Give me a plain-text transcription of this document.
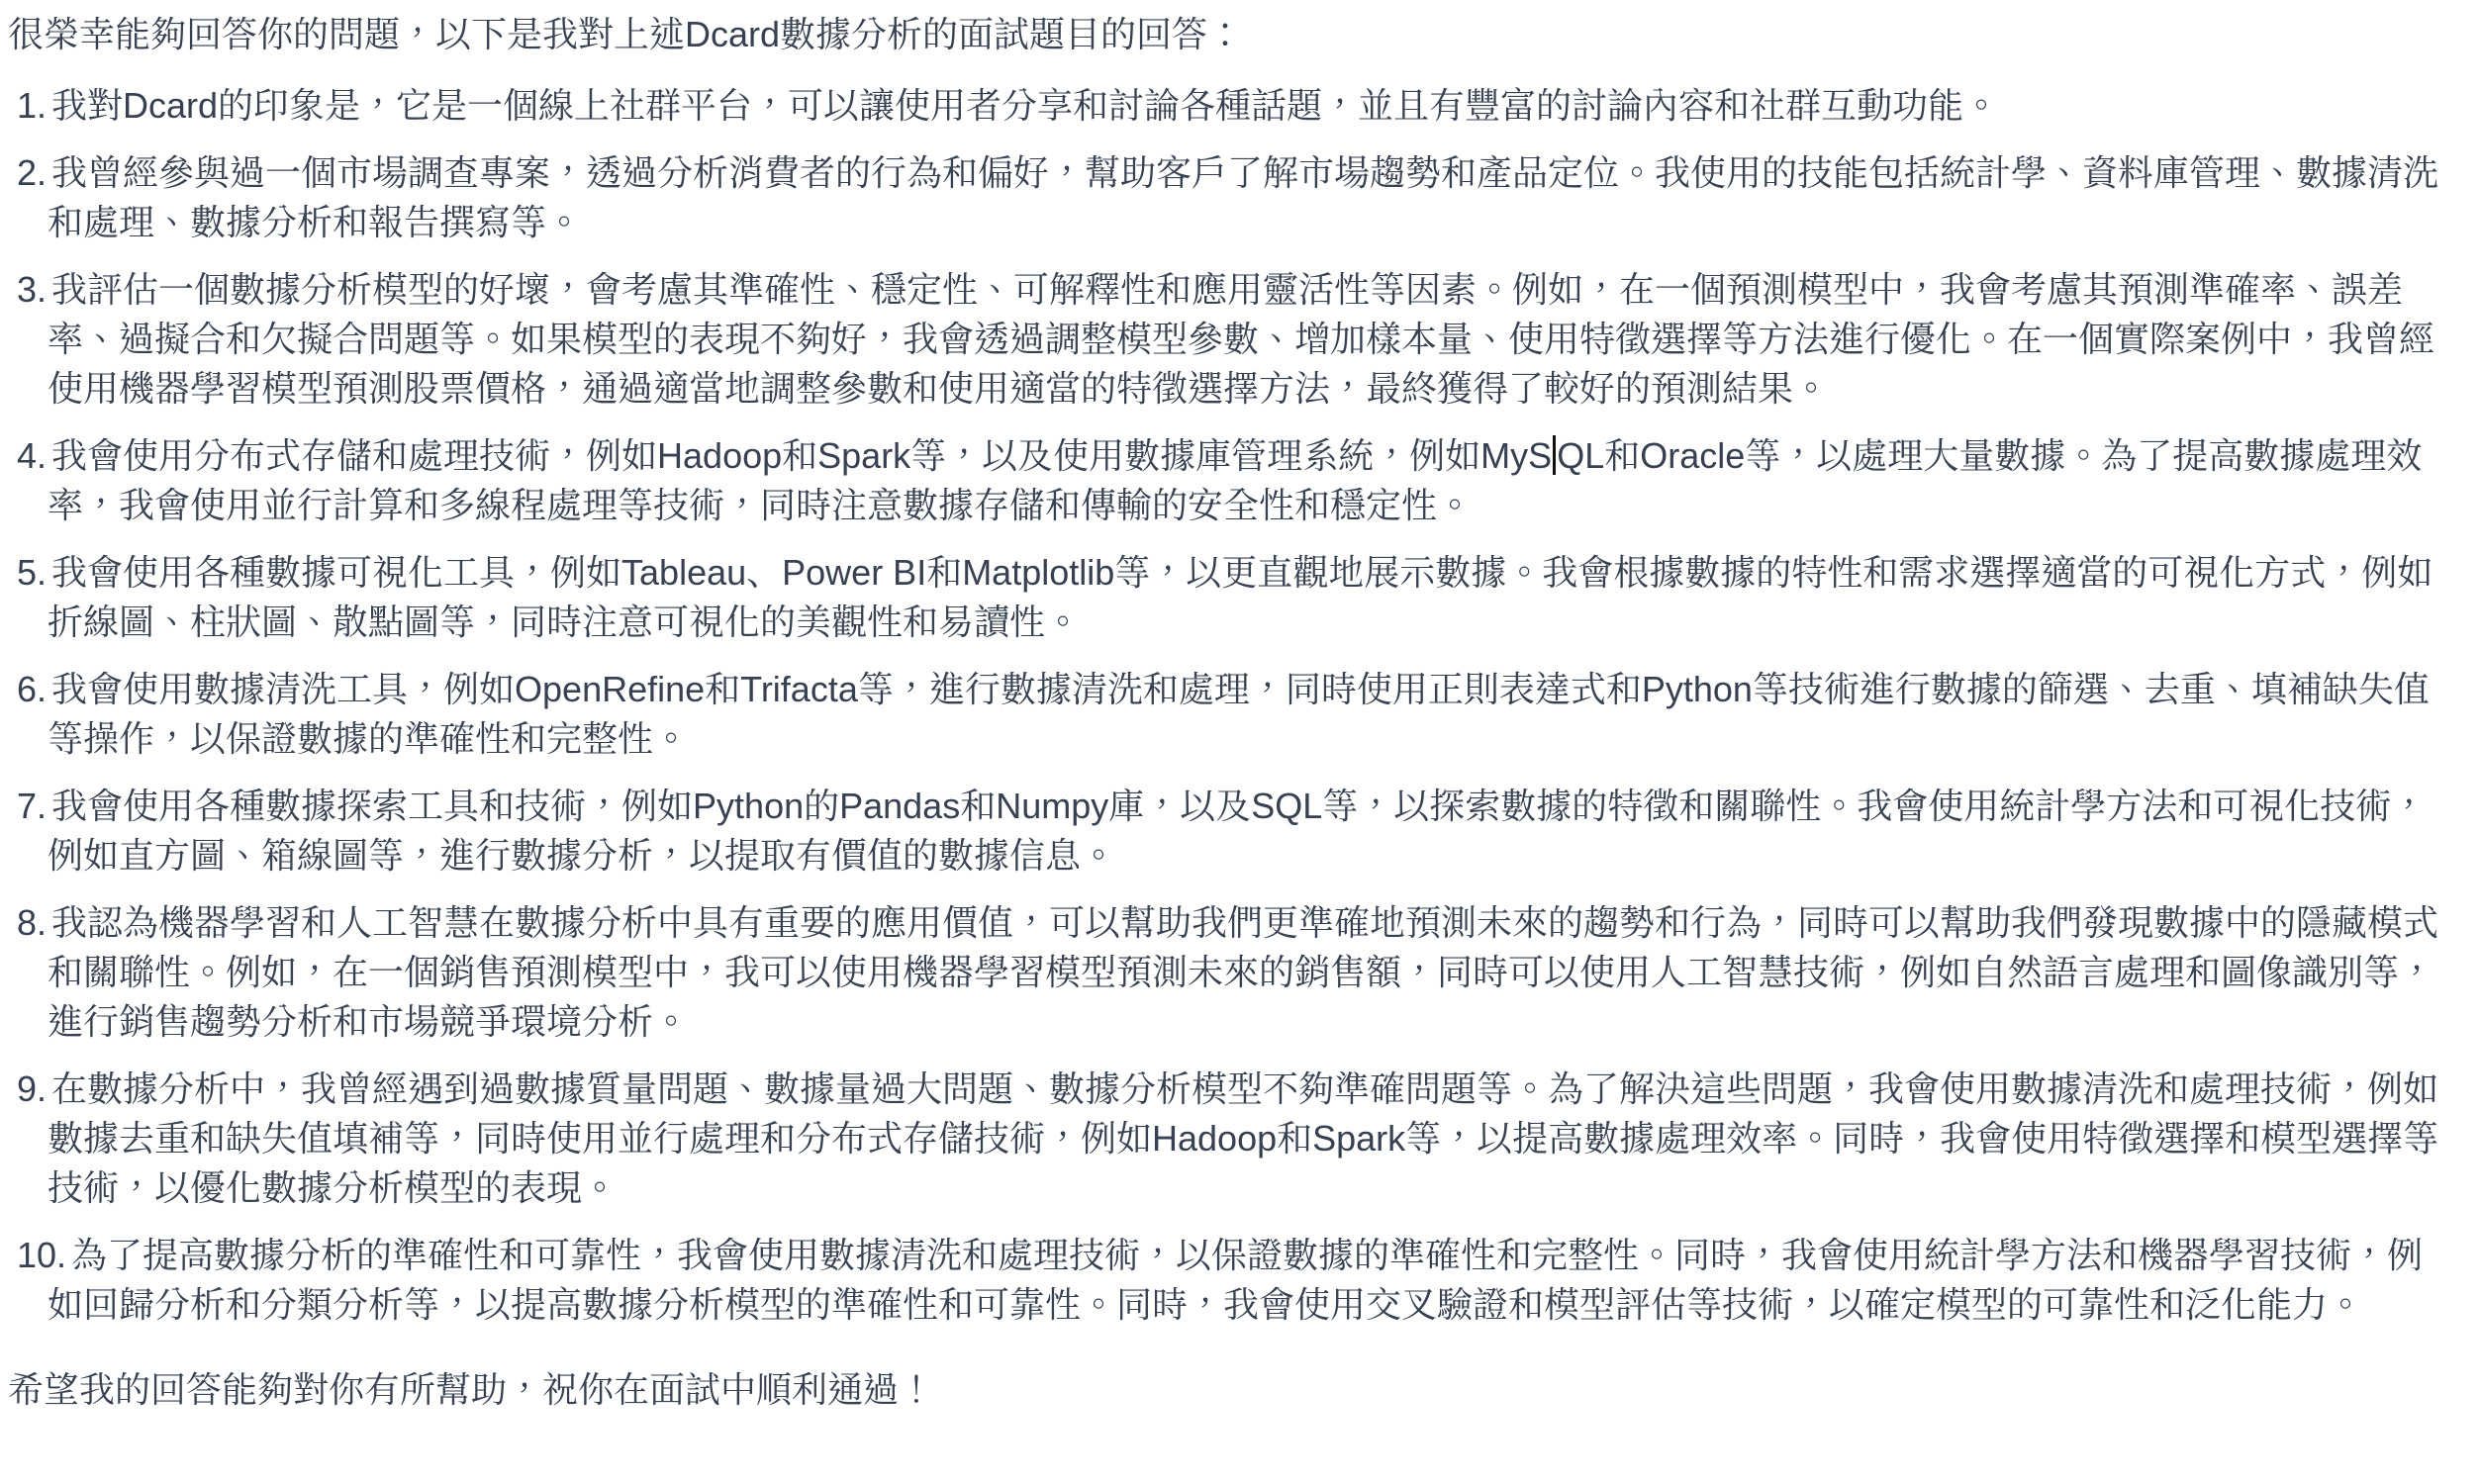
很榮幸能夠回答你的問題，以下是我對上述Dcard數據分析的面試題目的回答：

1. 我對Dcard的印象是，它是一個線上社群平台，可以讓使用者分享和討論各種話題，並且有豐富的討論內容和社群互動功能。
2. 我曾經參與過一個市場調查專案，透過分析消費者的行為和偏好，幫助客戶了解市場趨勢和產品定位。我使用的技能包括統計學、資料庫管理、數據清洗和處理、數據分析和報告撰寫等。
3. 我評估一個數據分析模型的好壞，會考慮其準確性、穩定性、可解釋性和應用靈活性等因素。例如，在一個預測模型中，我會考慮其預測準確率、誤差率、過擬合和欠擬合問題等。如果模型的表現不夠好，我會透過調整模型參數、增加樣本量、使用特徵選擇等方法進行優化。在一個實際案例中，我曾經使用機器學習模型預測股票價格，通過適當地調整參數和使用適當的特徵選擇方法，最終獲得了較好的預測結果。
4. 我會使用分布式存儲和處理技術，例如Hadoop和Spark等，以及使用數據庫管理系統，例如MyS QL和Oracle等，以處理大量數據。為了提高數據處理效率，我會使用並行計算和多線程處理等技術，同時注意數據存儲和傳輸的安全性和穩定性。
5. 我會使用各種數據可視化工具，例如Tableau、Power BI和Matplotlib等，以更直觀地展示數據。我會根據數據的特性和需求選擇適當的可視化方式，例如折線圖、柱狀圖、散點圖等，同時注意可視化的美觀性和易讀性。
6. 我會使用數據清洗工具，例如OpenRefine和Trifacta等，進行數據清洗和處理，同時使用正則表達式和Python等技術進行數據的篩選、去重、填補缺失值等操作，以保證數據的準確性和完整性。
7. 我會使用各種數據探索工具和技術，例如Python的Pandas和Numpy庫，以及SQL等，以探索數據的特徵和關聯性。我會使用統計學方法和可視化技術，例如直方圖、箱線圖等，進行數據分析，以提取有價值的數據信息。
8. 我認為機器學習和人工智慧在數據分析中具有重要的應用價值，可以幫助我們更準確地預測未來的趨勢和行為，同時可以幫助我們發現數據中的隱藏模式和關聯性。例如，在一個銷售預測模型中，我可以使用機器學習模型預測未來的銷售額，同時可以使用人工智慧技術，例如自然語言處理和圖像識別等，進行銷售趨勢分析和市場競爭環境分析。
9. 在數據分析中，我曾經遇到過數據質量問題、數據量過大問題、數據分析模型不夠準確問題等。為了解決這些問題，我會使用數據清洗和處理技術，例如數據去重和缺失值填補等，同時使用並行處理和分布式存儲技術，例如Hadoop和Spark等，以提高數據處理效率。同時，我會使用特徵選擇和模型選擇等技術，以優化數據分析模型的表現。
10. 為了提高數據分析的準確性和可靠性，我會使用數據清洗和處理技術，以保證數據的準確性和完整性。同時，我會使用統計學方法和機器學習技術，例如回歸分析和分類分析等，以提高數據分析模型的準確性和可靠性。同時，我會使用交叉驗證和模型評估等技術，以確定模型的可靠性和泛化能力。

希望我的回答能夠對你有所幫助，祝你在面試中順利通過！
